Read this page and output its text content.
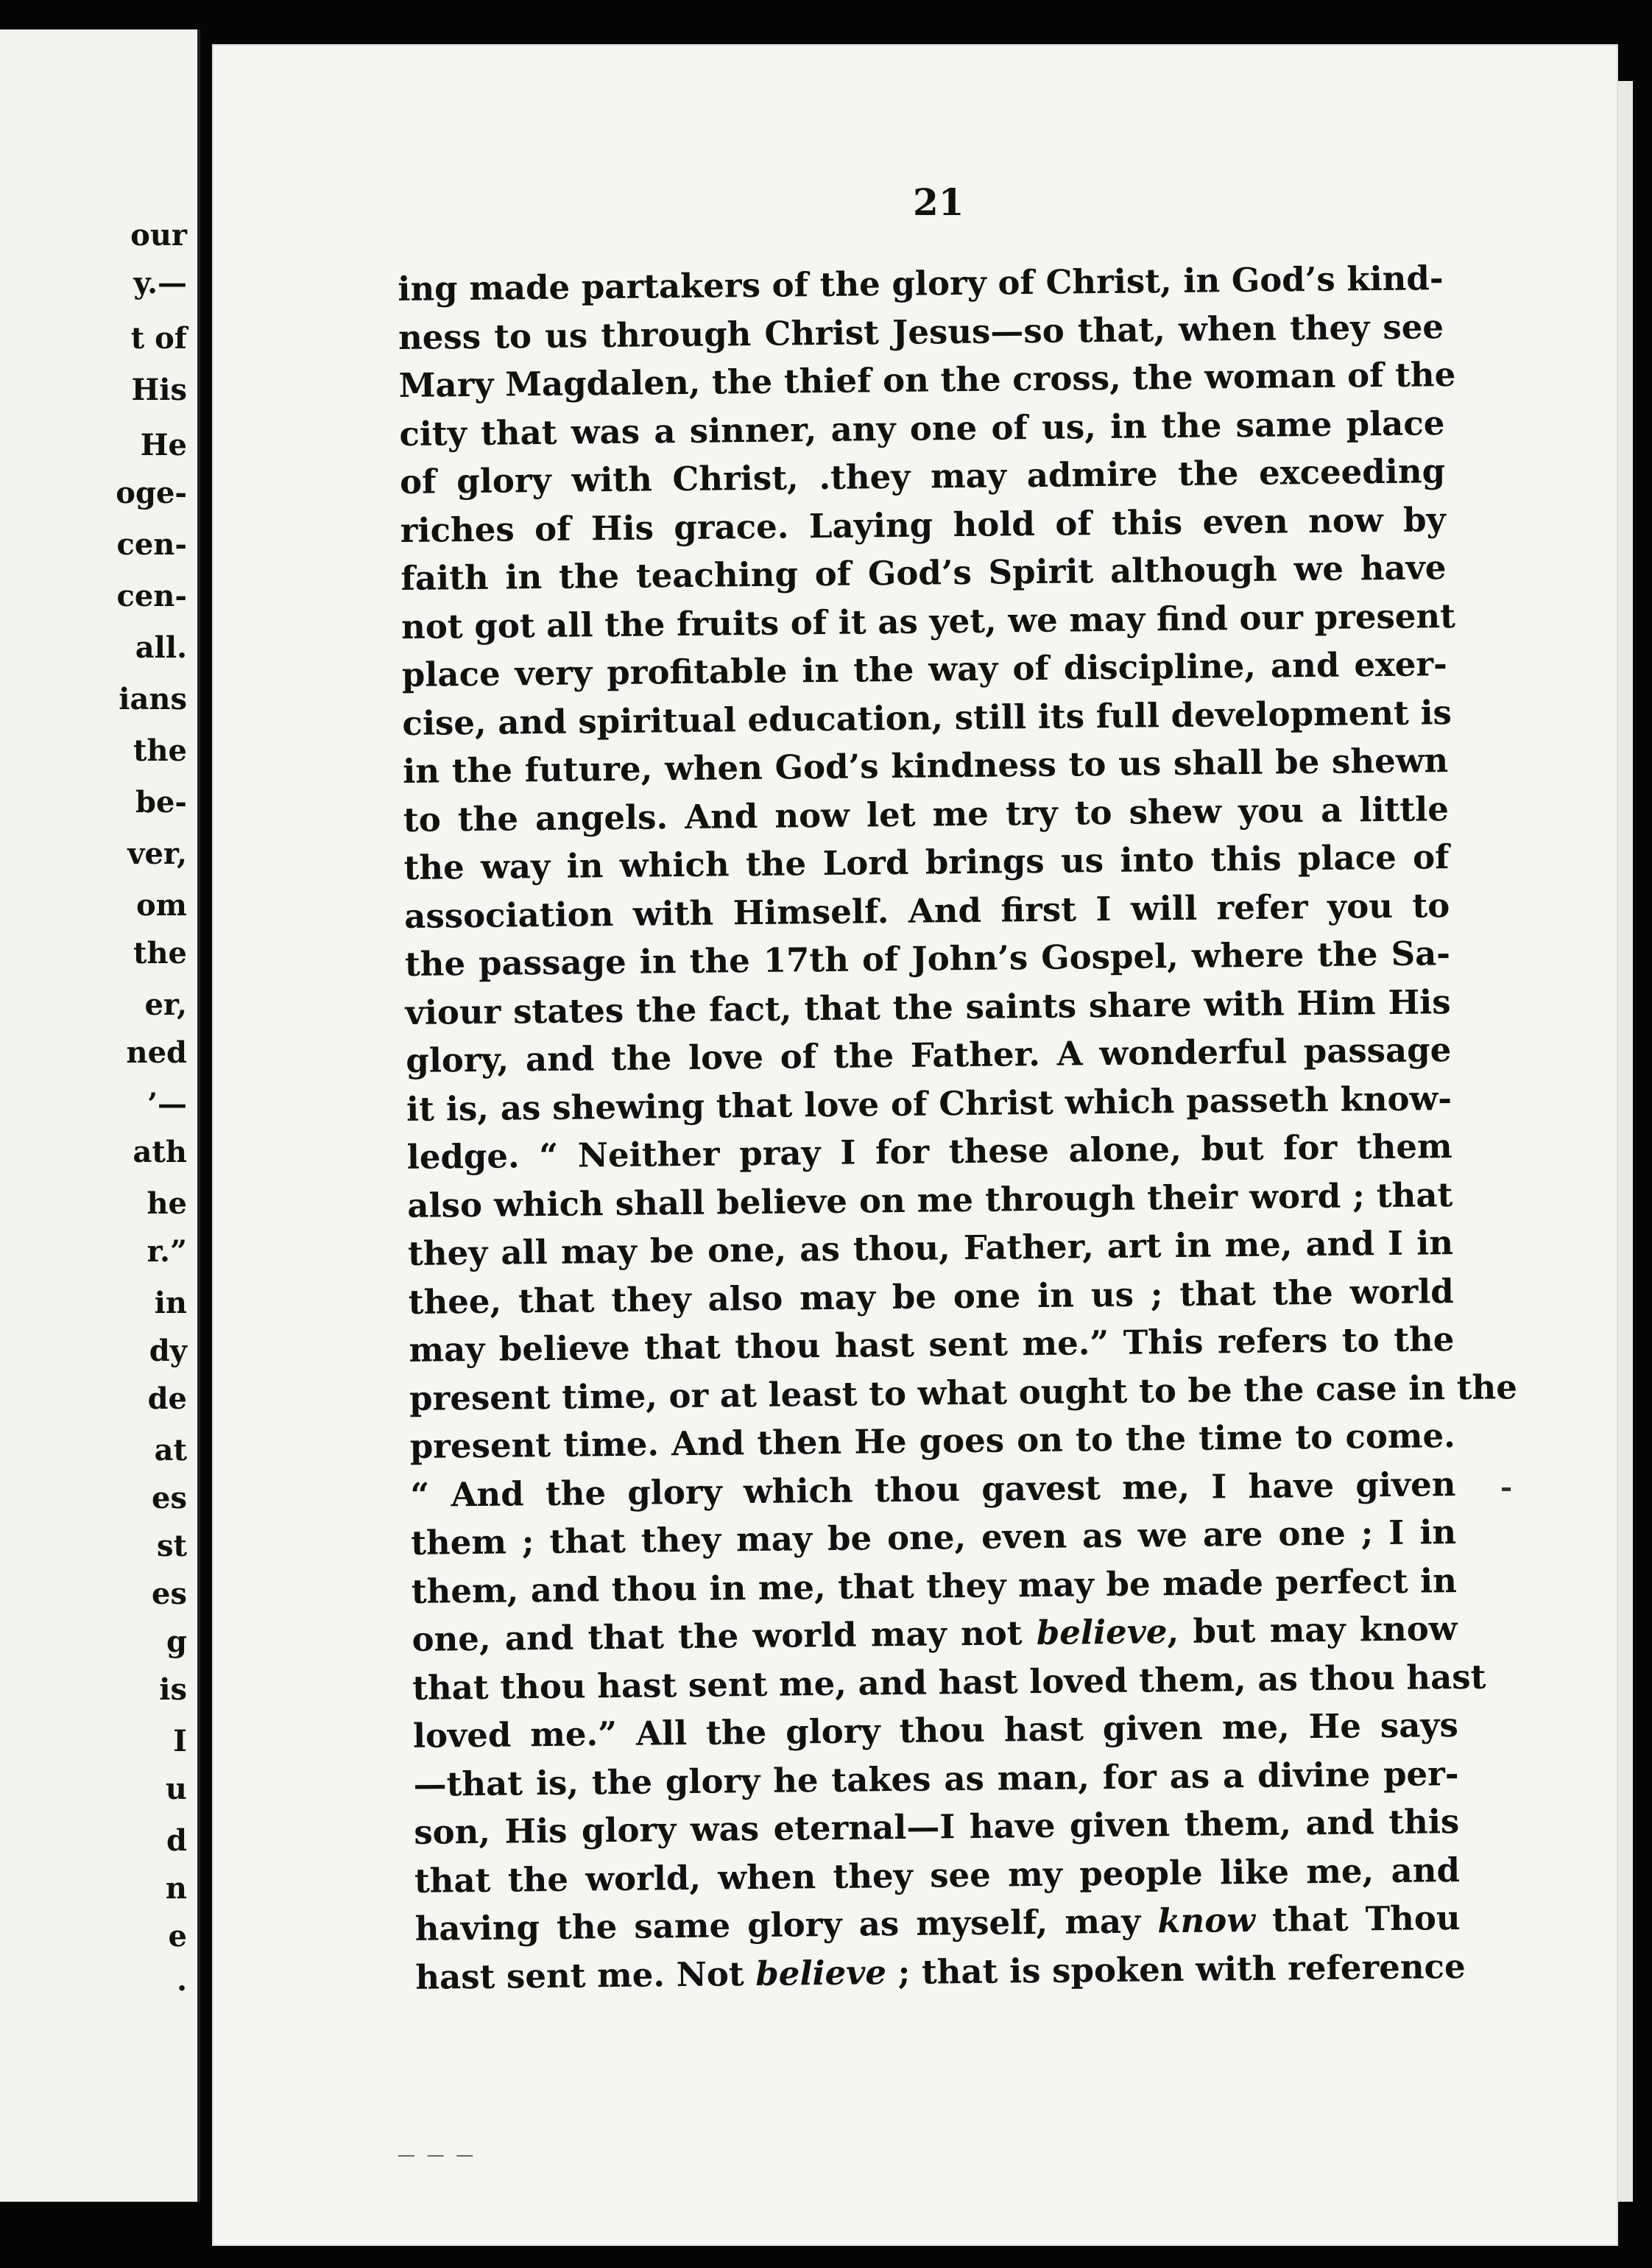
our
y.—
t of
His
He
oge-
cen-
cen-
all.
ians
the
be-
ver,
om
the
er,
ned
’—
ath
he
r.”
in
dy
de
at
es
st
es
g
is
I
u
d
n
e
.
21
ing made partakers of the glory of Christ, in God’s kind-
ness to us through Christ Jesus—so that, when they see
Mary Magdalen, the thief on the cross, the woman of the
city that was a sinner, any one of us, in the same place
of glory with Christ, .they may admire the exceeding
riches of His grace. Laying hold of this even now by
faith in the teaching of God’s Spirit although we have
not got all the fruits of it as yet, we may find our present
place very profitable in the way of discipline, and exer-
cise, and spiritual education, still its full development is
in the future, when God’s kindness to us shall be shewn
to the angels. And now let me try to shew you a little
the way in which the Lord brings us into this place of
association with Himself. And first I will refer you to
the passage in the 17th of John’s Gospel, where the Sa-
viour states the fact, that the saints share with Him His
glory, and the love of the Father. A wonderful passage
it is, as shewing that love of Christ which passeth know-
ledge. “ Neither pray I for these alone, but for them
also which shall believe on me through their word ; that
they all may be one, as thou, Father, art in me, and I in
thee, that they also may be one in us ; that the world
may believe that thou hast sent me.” This refers to the
present time, or at least to what ought to be the case in the
present time. And then He goes on to the time to come.
“ And the glory which thou gavest me, I have given
them ; that they may be one, even as we are one ; I in
them, and thou in me, that they may be made perfect in
one, and that the world may not believe, but may know
that thou hast sent me, and hast loved them, as thou hast
loved me.” All the glory thou hast given me, He says
—that is, the glory he takes as man, for as a divine per-
son, His glory was eternal—I have given them, and this
that the world, when they see my people like me, and
having the same glory as myself, may know that Thou
hast sent me. Not believe ; that is spoken with reference
— — —
